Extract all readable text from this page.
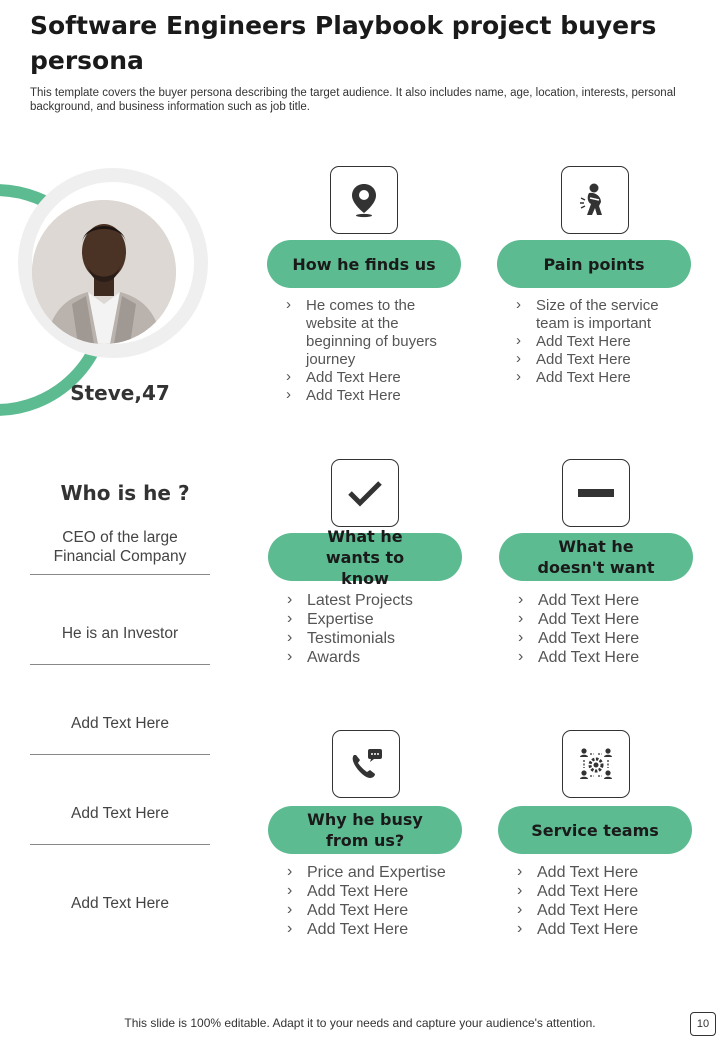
Software Engineers Playbook project buyers persona
This template covers the buyer persona describing the target audience. It also includes name, age, location, interests, personal background, and business information such as job title.
Steve,47
Who is he ?
CEO of the large Financial Company
He is an Investor
Add Text Here
Add Text Here
Add Text Here
How he finds us
› He comes to the website at the beginning of buyers journey
› Add Text Here
› Add Text Here
Pain points
› Size of the service team is important
› Add Text Here
› Add Text Here
› Add Text Here
What he wants to know
› Latest Projects
› Expertise
› Testimonials
› Awards
What he doesn't want
› Add Text Here
› Add Text Here
› Add Text Here
› Add Text Here
Why he busy from us?
› Price and Expertise
› Add Text Here
› Add Text Here
› Add Text Here
Service teams
› Add Text Here
› Add Text Here
› Add Text Here
› Add Text Here
This slide is 100% editable. Adapt it to your needs and capture your audience's attention.	10
